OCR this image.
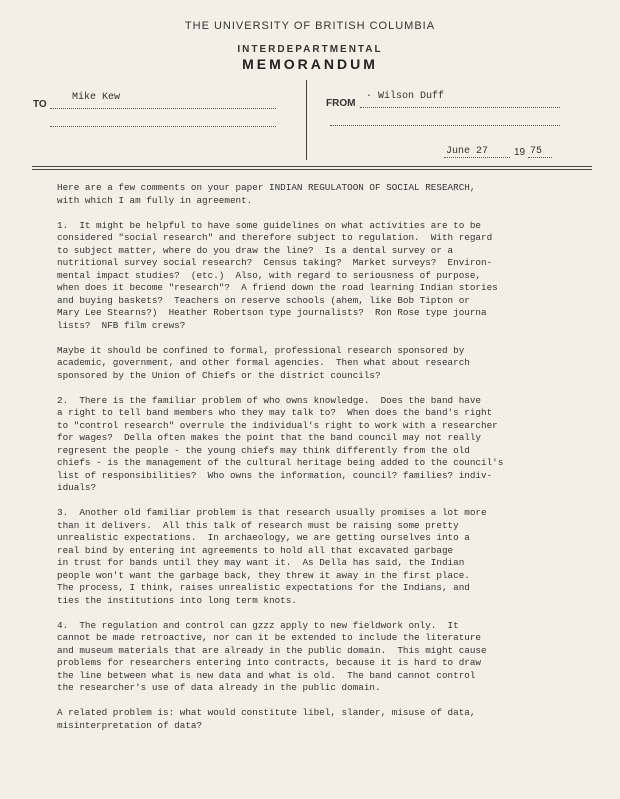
THE UNIVERSITY OF BRITISH COLUMBIA
INTERDEPARTMENTAL
MEMORANDUM
TO
Mike Kew
FROM
· Wilson Duff
June 27	19 75

Here are a few comments on your paper INDIAN REGULATOON OF SOCIAL RESEARCH,
with which I am fully in agreement.

1.  It might be helpful to have some guidelines on what activities are to be
considered "social research" and therefore subject to regulation.  With regard
to subject matter, where do you draw the line?  Is a dental survey or a
nutritional survey social research?  Census taking?  Market surveys?  Environ-
mental impact studies?  (etc.)  Also, with regard to seriousness of purpose,
when does it become "research"?  A friend down the road learning Indian stories
and buying baskets?  Teachers on reserve schools (ahem, like Bob Tipton or
Mary Lee Stearns?)  Heather Robertson type journalists?  Ron Rose type journa
lists?  NFB film crews?

Maybe it should be confined to formal, professional research sponsored by
academic, government, and other formal agencies.  Then what about research
sponsored by the Union of Chiefs or the district councils?

2.  There is the familiar problem of who owns knowledge.  Does the band have
a right to tell band members who they may talk to?  When does the band's right
to "control research" overrule the individual's right to work with a researcher
for wages?  Della often makes the point that the band council may not really
regresent the people - the young chiefs may think differently from the old
chiefs - is the management of the cultural heritage being added to the council's
list of responsibilities?  Who owns the information, council? families? indiv-
iduals?

3.  Another old familiar problem is that research usually promises a lot more
than it delivers.  All this talk of research must be raising some pretty
unrealistic expectations.  In archaeology, we are getting ourselves into a
real bind by entering int agreements to hold all that excavated garbage
in trust for bands until they may want it.  As Della has said, the Indian
people won't want the garbage back, they threw it away in the first place.
The process, I think, raises unrealistic expectations for the Indians, and
ties the institutions into long term knots.

4.  The regulation and control can gzzz apply to new fieldwork only.  It
cannot be made retroactive, nor can it be extended to include the literature
and museum materials that are already in the public domain.  This might cause
problems for researchers entering into contracts, because it is hard to draw
the line between what is new data and what is old.  The band cannot control
the researcher's use of data already in the public domain.

A related problem is: what would constitute libel, slander, misuse of data,
misinterpretation of data?
